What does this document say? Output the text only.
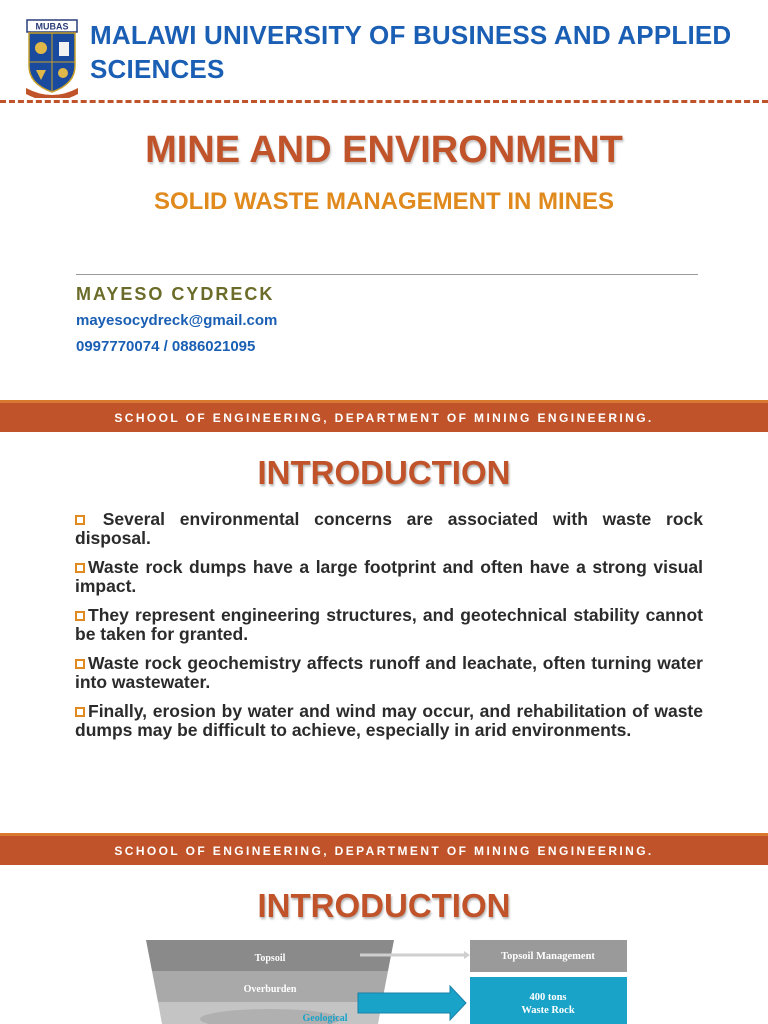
MUBAS MALAWI UNIVERSITY OF BUSINESS AND APPLIED SCIENCES
MINE AND ENVIRONMENT
SOLID WASTE MANAGEMENT IN MINES
MAYESO CYDRECK
mayesocydreck@gmail.com
0997770074 / 0886021095
SCHOOL OF ENGINEERING, DEPARTMENT OF MINING ENGINEERING.
INTRODUCTION
Several environmental concerns are associated with waste rock disposal.
Waste rock dumps have a large footprint and often have a strong visual impact.
They represent engineering structures, and geotechnical stability cannot be taken for granted.
Waste rock geochemistry affects runoff and leachate, often turning water into wastewater.
Finally, erosion by water and wind may occur, and rehabilitation of waste dumps may be difficult to achieve, especially in arid environments.
SCHOOL OF ENGINEERING, DEPARTMENT OF MINING ENGINEERING.
INTRODUCTION
Topsoil
Overburden
Geological
Topsoil Management
400 tons
Waste Rock
